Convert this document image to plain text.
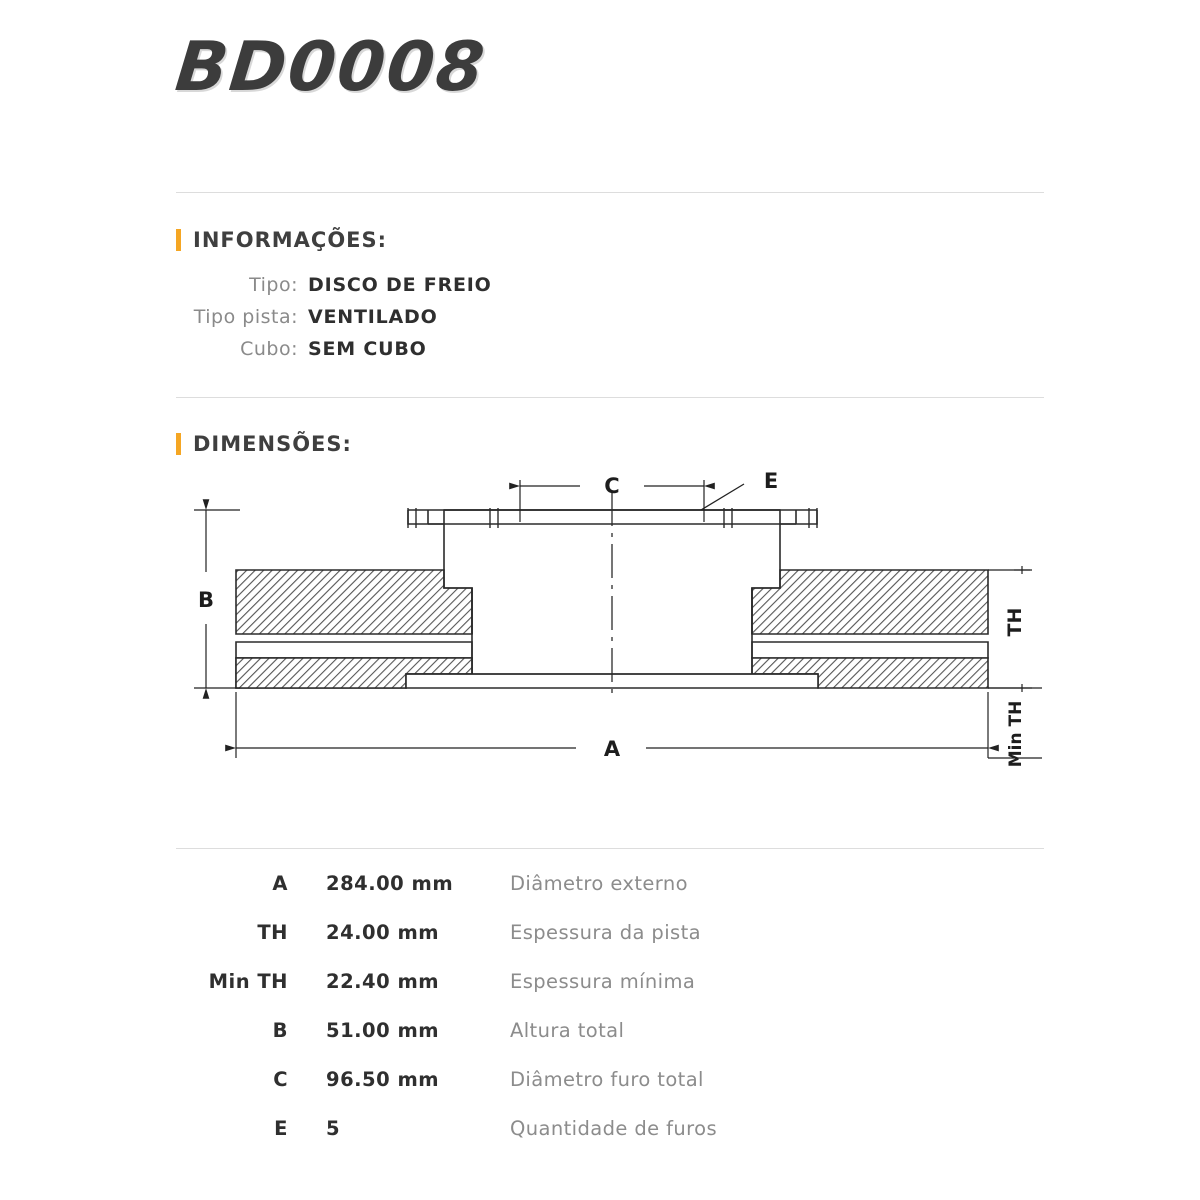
BD0008
INFORMAÇÕES:
Tipo: DISCO DE FREIO
Tipo pista: VENTILADO
Cubo: SEM CUBO
DIMENSÕES:
C	E
B
A
TH
Min TH
A	284.00 mm	Diâmetro externo
TH	24.00 mm	Espessura da pista
Min TH	22.40 mm	Espessura mínima
B	51.00 mm	Altura total
C	96.50 mm	Diâmetro furo total
E	5	Quantidade de furos
